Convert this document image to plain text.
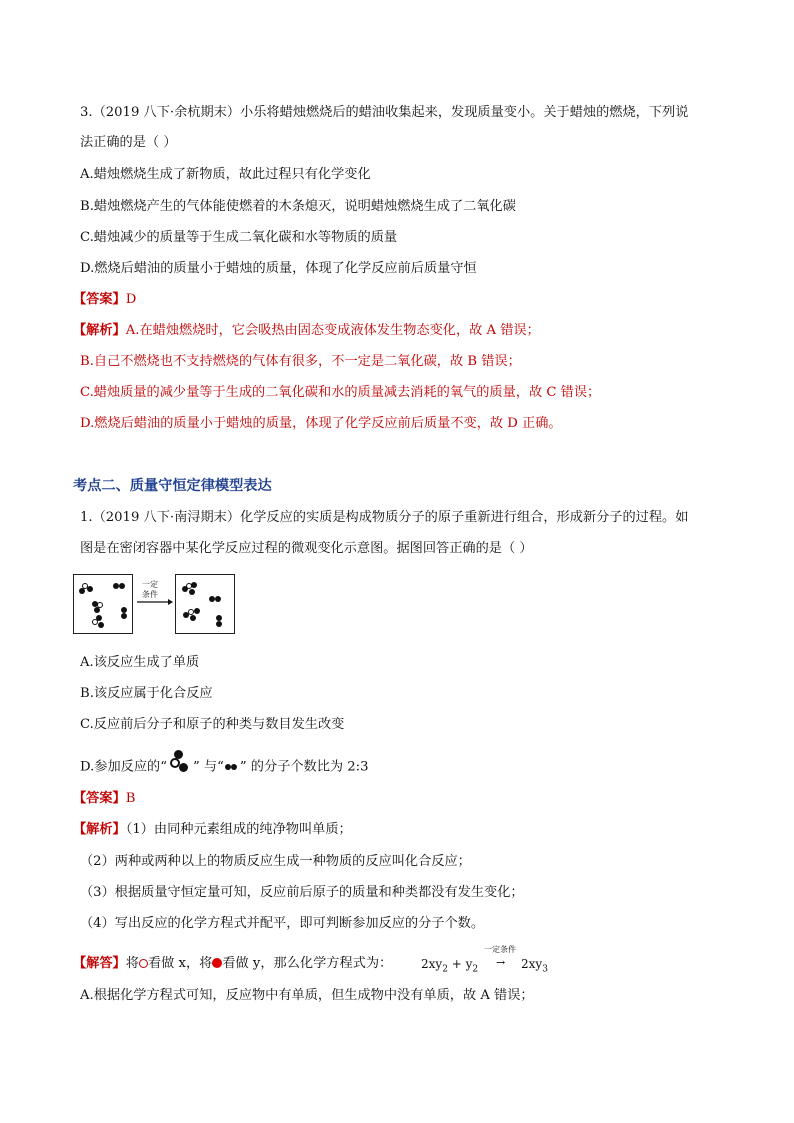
3.（2019 八下·余杭期末）小乐将蜡烛燃烧后的蜡油收集起来，发现质量变小。关于蜡烛的燃烧，下列说
法正确的是（ ）
A.蜡烛燃烧生成了新物质，故此过程只有化学变化
B.蜡烛燃烧产生的气体能使燃着的木条熄灭，说明蜡烛燃烧生成了二氧化碳
C.蜡烛减少的质量等于生成二氧化碳和水等物质的质量
D.燃烧后蜡油的质量小于蜡烛的质量，体现了化学反应前后质量守恒
【答案】D
【解析】A.在蜡烛燃烧时，它会吸热由固态变成液体发生物态变化，故 A 错误；
B.自己不燃烧也不支持燃烧的气体有很多，不一定是二氧化碳，故 B 错误；
C.蜡烛质量的减少量等于生成的二氧化碳和水的质量减去消耗的氧气的质量，故 C 错误；
D.燃烧后蜡油的质量小于蜡烛的质量，体现了化学反应前后质量不变，故 D 正确。
考点二、质量守恒定律模型表达
1.（2019 八下·南浔期末）化学反应的实质是构成物质分子的原子重新进行组合，形成新分子的过程。如
图是在密闭容器中某化学反应过程的微观变化示意图。据图回答正确的是（ ）
一定
条件
A.该反应生成了单质
B.该反应属于化合反应
C.反应前后分子和原子的种类与数目发生改变
D.参加反应的“ ” 与“ ” 的分子个数比为 2:3
【答案】B
【解析】（1）由同种元素组成的纯净物叫单质；
（2）两种或两种以上的物质反应生成一种物质的反应叫化合反应；
（3）根据质量守恒定量可知，反应前后原子的质量和种类都没有发生变化；
（4）写出反应的化学方程式并配平，即可判断参加反应的分子个数。
【解答】将 看做 x，将 看做 y，那么化学方程式为： $2xy_2 + y_2$
一定条件
→ $2xy_3$
A.根据化学方程式可知，反应物中有单质，但生成物中没有单质，故 A 错误；
